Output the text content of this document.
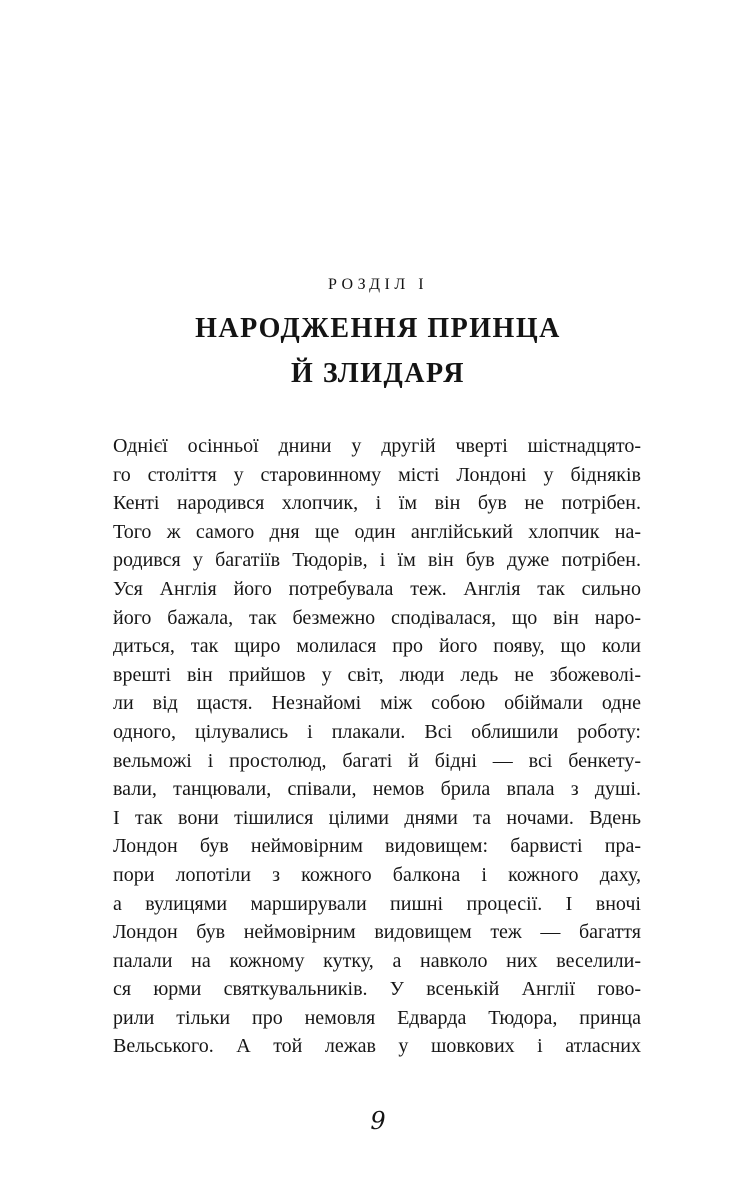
РОЗДІЛ I
НАРОДЖЕННЯ ПРИНЦА
Й ЗЛИДАРЯ
Однієї осінньої днини у другій чверті шістнадцято-
го століття у старовинному місті Лондоні у бідняків
Кенті народився хлопчик, і їм він був не потрібен.
Того ж самого дня ще один англійський хлопчик на-
родився у багатіїв Тюдорів, і їм він був дуже потрібен.
Уся Англія його потребувала теж. Англія так сильно
його бажала, так безмежно сподівалася, що він наро-
диться, так щиро молилася про його появу, що коли
врешті він прийшов у світ, люди ледь не збожеволі-
ли від щастя. Незнайомі між собою обіймали одне
одного, цілувались і плакали. Всі облишили роботу:
вельможі і простолюд, багаті й бідні — всі бенкету-
вали, танцювали, співали, немов брила впала з душі.
І так вони тішилися цілими днями та ночами. Вдень
Лондон був неймовірним видовищем: барвисті пра-
пори лопотіли з кожного балкона і кожного даху,
а вулицями марширували пишні процесії. І вночі
Лондон був неймовірним видовищем теж — багаття
палали на кожному кутку, а навколо них веселили-
ся юрми святкувальників. У всенькій Англії гово-
рили тільки про немовля Едварда Тюдора, принца
Вельського. А той лежав у шовкових і атласних
9
